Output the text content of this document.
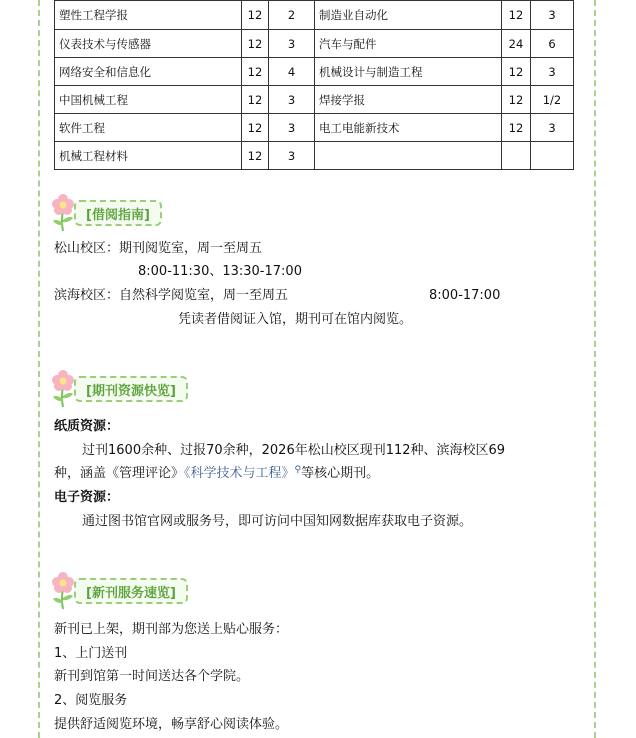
塑性工程学报	12	2	制造业自动化	12	3
仪表技术与传感器	12	3	汽车与配件	24	6
网络安全和信息化	12	4	机械设计与制造工程	12	3
中国机械工程	12	3	焊接学报	12	1/2
软件工程	12	3	电工电能新技术	12	3
机械工程材料	12	3			
[借阅指南]
松山校区：期刊阅览室，周一至周五
8:00-11:30、13:30-17:00
滨海校区：自然科学阅览室，周一至周五	8:00-17:00
凭读者借阅证入馆，期刊可在馆内阅览。
[期刊资源快览]
纸质资源：
过刊1600余种、过报70余种，2026年松山校区现刊112种、滨海校区69
种，涵盖《管理评论》《科学技术与工程》⚲等核心期刊。
电子资源：
通过图书馆官网或服务号，即可访问中国知网数据库获取电子资源。
[新刊服务速览]
新刊已上架，期刊部为您送上贴心服务：
1、上门送刊
新刊到馆第一时间送达各个学院。
2、阅览服务
提供舒适阅览环境，畅享舒心阅读体验。
